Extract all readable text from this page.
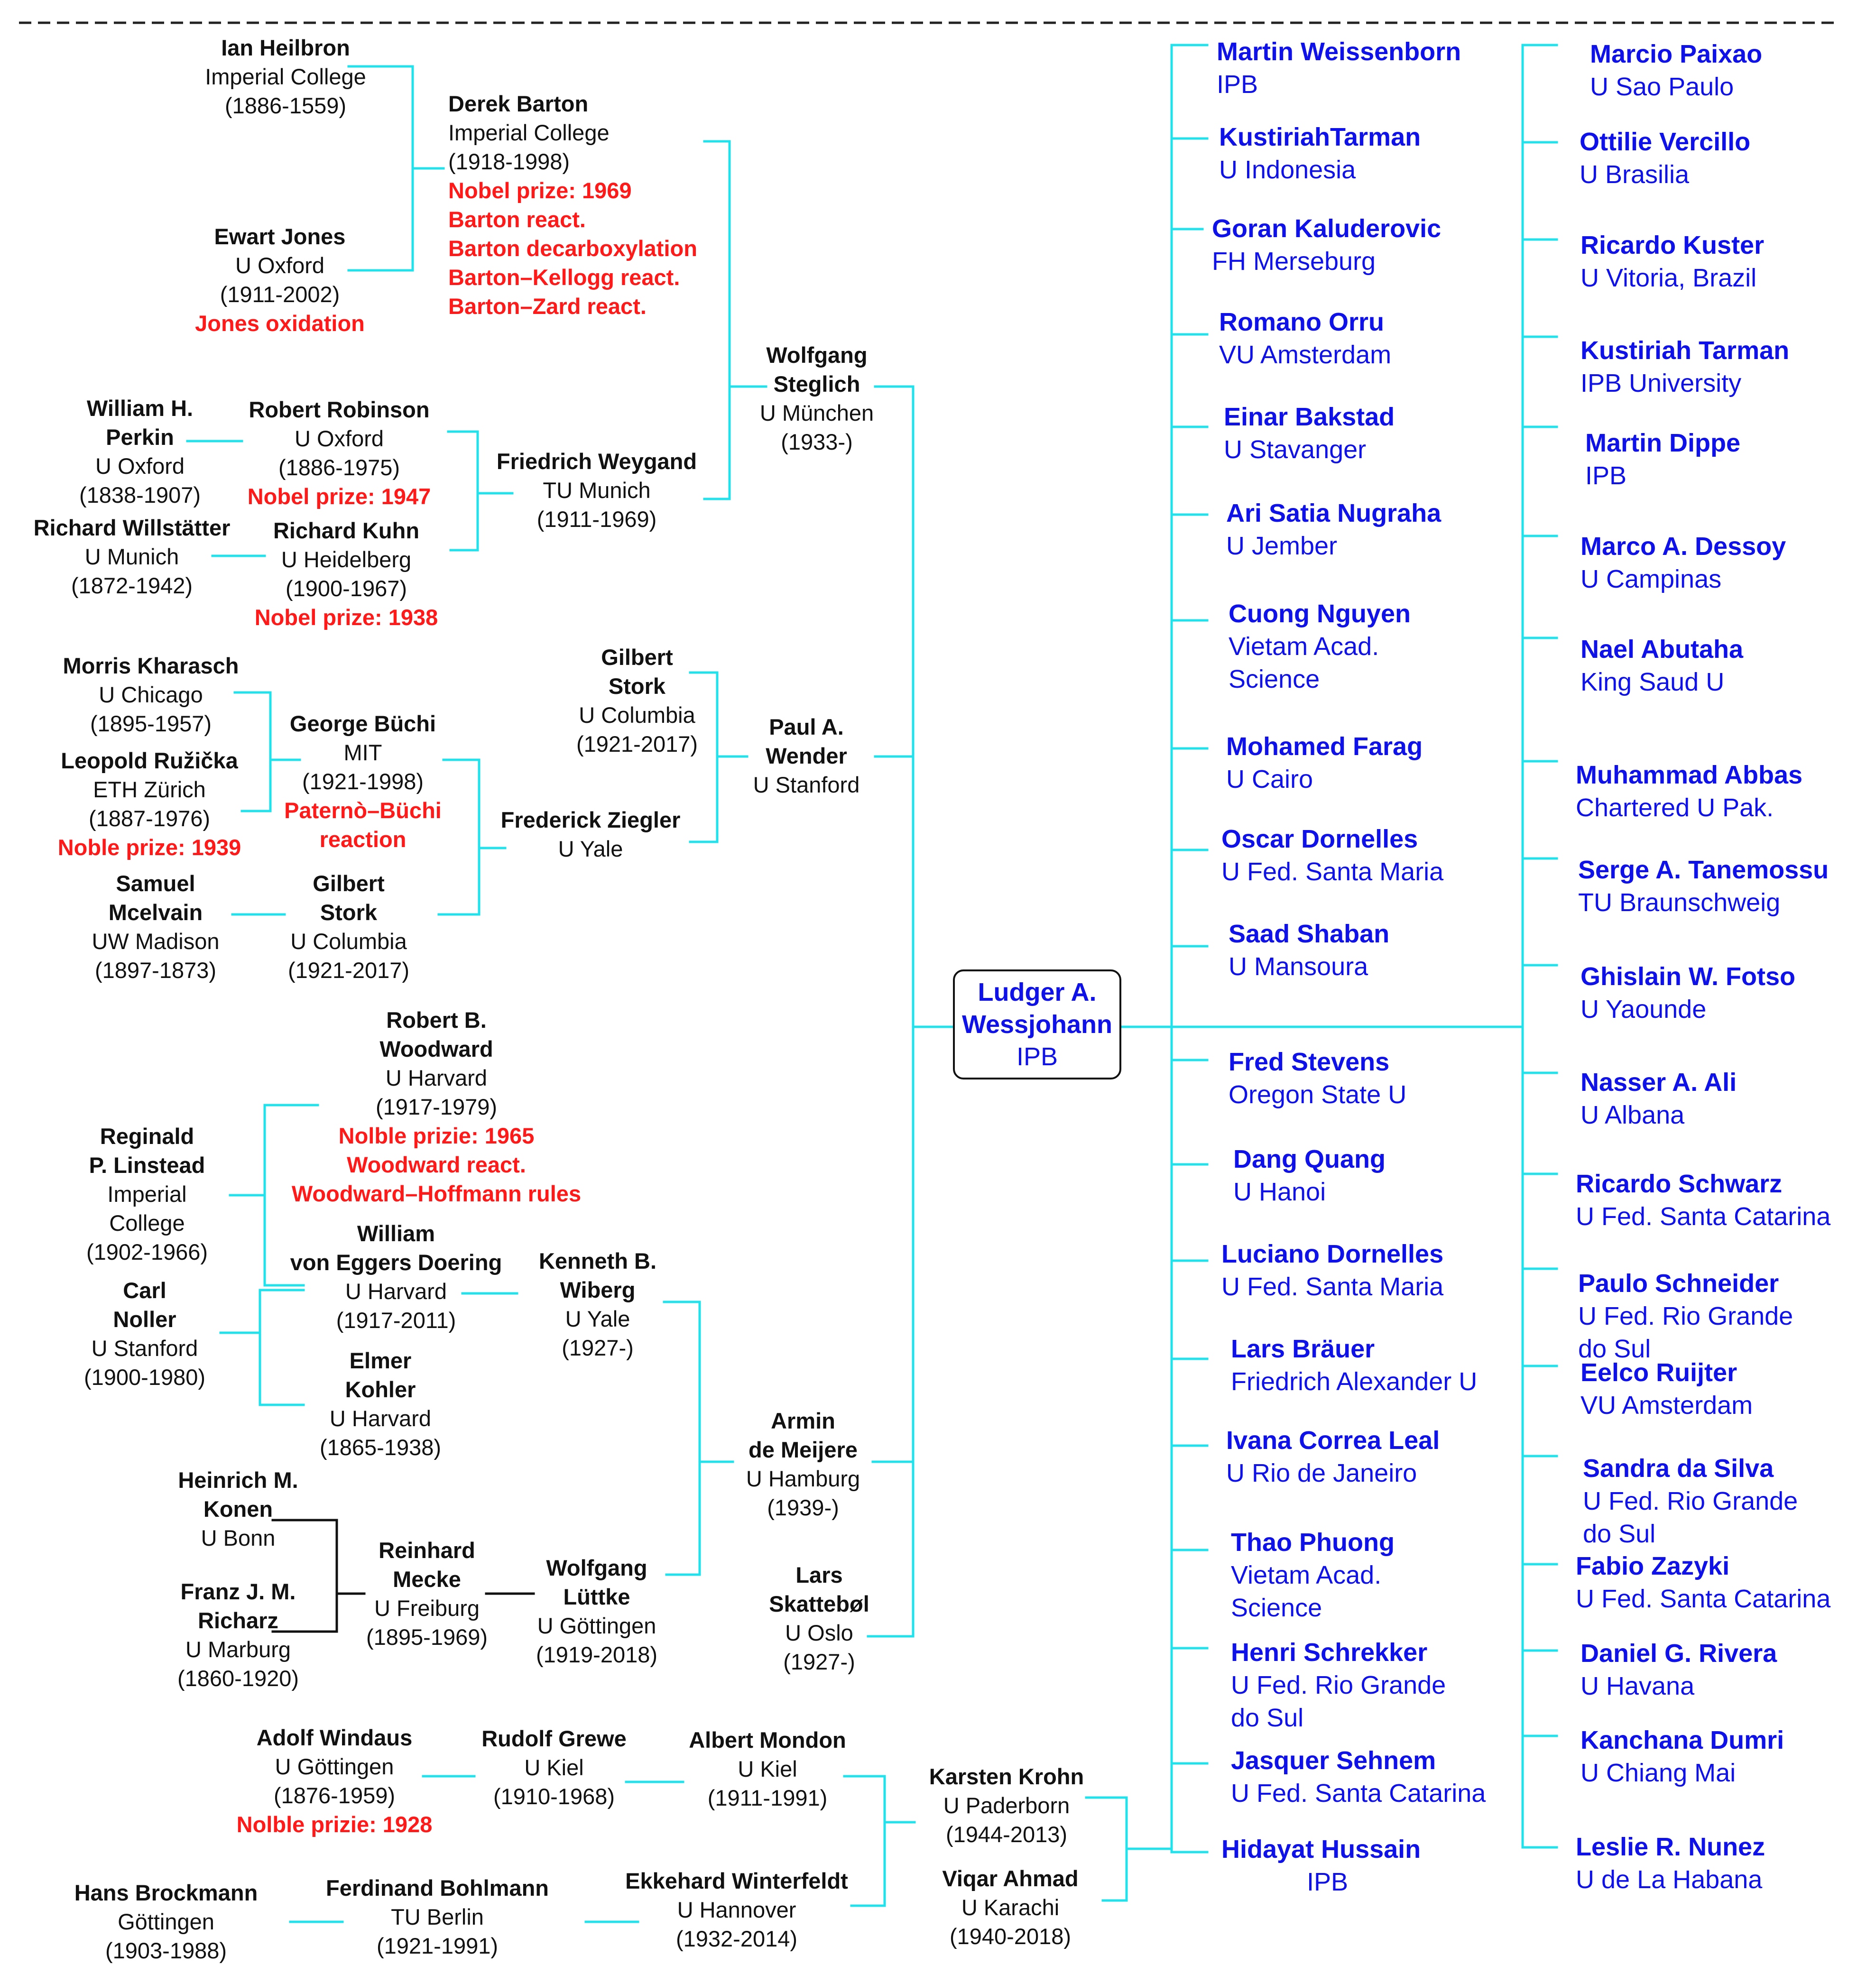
Ludger A.
Wessjohann
IPB
Ian Heilbron
Imperial College
(1886-1559)
Ewart Jones
U Oxford
(1911-2002)
Jones oxidation
Derek Barton
Imperial College
(1918-1998)
Nobel prize: 1969
Barton react.
Barton decarboxylation
Barton–Kellogg react.
Barton–Zard react.
Wolfgang
Steglich
U München
(1933-)
William H.
Perkin
U Oxford
(1838-1907)
Robert Robinson
U Oxford
(1886-1975)
Nobel prize: 1947
Friedrich Weygand
TU Munich
(1911-1969)
Richard Willstätter
U Munich
(1872-1942)
Richard Kuhn
U Heidelberg
(1900-1967)
Nobel prize: 1938
Morris Kharasch
U Chicago
(1895-1957)	George Büchi
MIT
(1921-1998)
Paternò–Büchi
reaction
Leopold Ružička
ETH Zürich
(1887-1976)
Noble prize: 1939
Gilbert
Stork
U Columbia
(1921-2017)
Paul A.
Wender
U Stanford
Frederick Ziegler
U Yale
Samuel
Mcelvain
UW Madison
(1897-1873)
Gilbert
Stork
U Columbia
(1921-2017)
Robert B.
Woodward
U Harvard
(1917-1979)
Nolble prizie: 1965
Woodward react.
Woodward–Hoffmann rules
Reginald
P. Linstead
Imperial
College
(1902-1966)
William
von Eggers Doering
U Harvard
(1917-2011)
Kenneth B.
Wiberg
U Yale
(1927-)
Carl
Noller
U Stanford
(1900-1980)
Elmer
Kohler
U Harvard
(1865-1938)
Armin
de Meijere
U Hamburg
(1939-)
Heinrich M.
Konen
U Bonn	Reinhard
Mecke
U Freiburg
(1895-1969)
Wolfgang
Lüttke
U Göttingen
(1919-2018)
Lars
Skattebøl
U Oslo
(1927-)
Franz J. M.
Richarz
U Marburg
(1860-1920)
Adolf Windaus
U Göttingen
(1876-1959)
Nolble prizie: 1928
Rudolf Grewe
U Kiel
(1910-1968)
Albert Mondon
U Kiel
(1911-1991)
Karsten Krohn
U Paderborn
(1944-2013)
Hans Brockmann
Göttingen
(1903-1988)
Ferdinand Bohlmann
TU Berlin
(1921-1991)
Ekkehard Winterfeldt
U Hannover
(1932-2014)
Viqar Ahmad
U Karachi
(1940-2018)
Martin Weissenborn
IPB
KustiriahTarman
U Indonesia
Goran Kaluderovic
FH Merseburg
Romano Orru
VU Amsterdam
Einar Bakstad
U Stavanger
Ari Satia Nugraha
U Jember
Cuong Nguyen
Vietam Acad.
Science
Mohamed Farag
U Cairo
Oscar Dornelles
U Fed. Santa Maria
Saad Shaban
U Mansoura
Fred Stevens
Oregon State U
Dang Quang
U Hanoi
Luciano Dornelles
U Fed. Santa Maria
Lars Bräuer
Friedrich Alexander U
Ivana Correa Leal
U Rio de Janeiro
Thao Phuong
Vietam Acad.
Science
Henri Schrekker
U Fed. Rio Grande
do Sul
Jasquer Sehnem
U Fed. Santa Catarina
Hidayat Hussain
IPB
Marcio Paixao
U Sao Paulo
Ottilie Vercillo
U Brasilia
Ricardo Kuster
U Vitoria, Brazil
Kustiriah Tarman
IPB University
Martin Dippe
IPB
Marco A. Dessoy
U Campinas
Nael Abutaha
King Saud U
Muhammad Abbas
Chartered U Pak.
Serge A. Tanemossu
TU Braunschweig
Ghislain W. Fotso
U Yaounde
Nasser A. Ali
U Albana
Ricardo Schwarz
U Fed. Santa Catarina
Paulo Schneider
U Fed. Rio Grande
do Sul
Eelco Ruijter
VU Amsterdam
Sandra da Silva
U Fed. Rio Grande
do Sul
Fabio Zazyki
U Fed. Santa Catarina
Daniel G. Rivera
U Havana
Kanchana Dumri
U Chiang Mai
Leslie R. Nunez
U de La Habana
